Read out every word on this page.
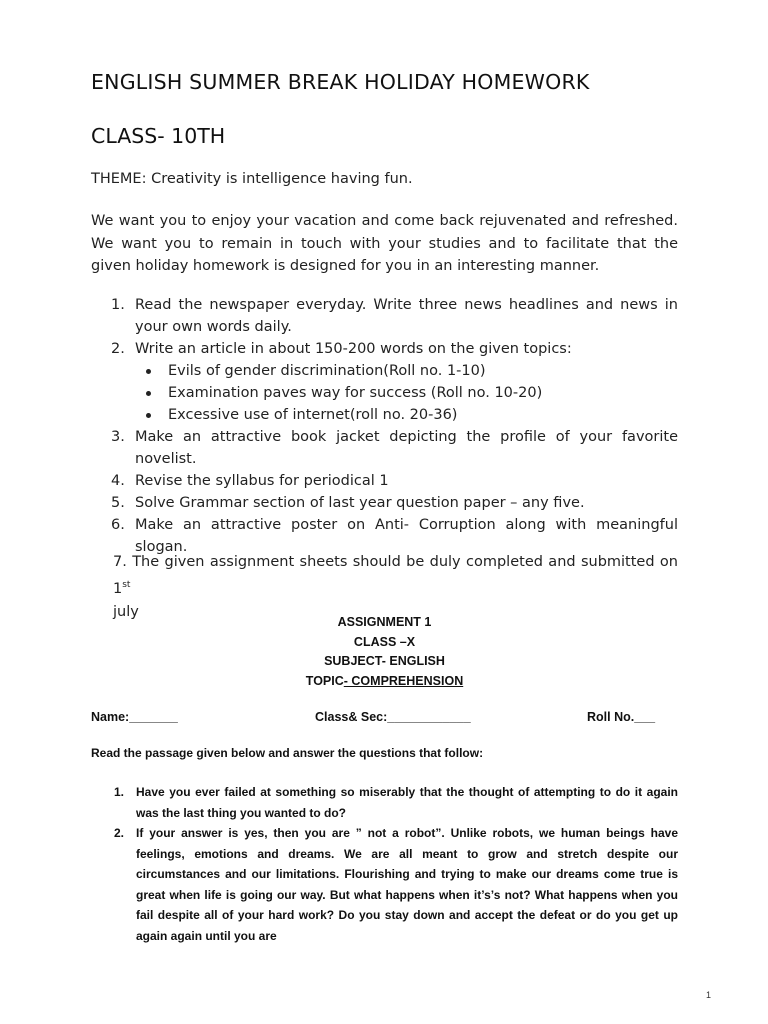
ENGLISH SUMMER BREAK HOLIDAY HOMEWORK
CLASS- 10TH
THEME: Creativity is intelligence having fun.

We want you to enjoy your vacation and come back rejuvenated and refreshed. We want you to remain in touch with your studies and to facilitate that the given holiday homework is designed for you in an interesting manner.

1. Read the newspaper everyday. Write three news headlines and news in your own words daily.
2. Write an article in about 150-200 words on the given topics:
Evils of gender discrimination(Roll no. 1-10)
Examination paves way for success (Roll no. 10-20)
Excessive use of internet(roll no. 20-36)
3. Make an attractive book jacket depicting the profile of your favorite novelist.
4. Revise the syllabus for periodical 1
5. Solve Grammar section of last year question paper – any five.
6. Make an attractive poster on Anti- Corruption along with meaningful slogan.

7. The given assignment sheets should be duly completed and submitted on 1st
july

ASSIGNMENT 1
CLASS –X
SUBJECT- ENGLISH
TOPIC- COMPREHENSION
Name:_______	Class& Sec:____________	Roll No.___
Read the passage given below and answer the questions that follow:
1. Have you ever failed at something so miserably that the thought of attempting to do it again was the last thing you wanted to do?
2. If your answer is yes, then you are ” not a robot”. Unlike robots, we human beings have feelings, emotions and dreams. We are all meant to grow and stretch despite our circumstances and our limitations. Flourishing and trying to make our dreams come true is great when life is going our way. But what happens when it’s’s not? What happens when you fail despite all of your hard work? Do you stay down and accept the defeat or do you get up again again until you are
1
